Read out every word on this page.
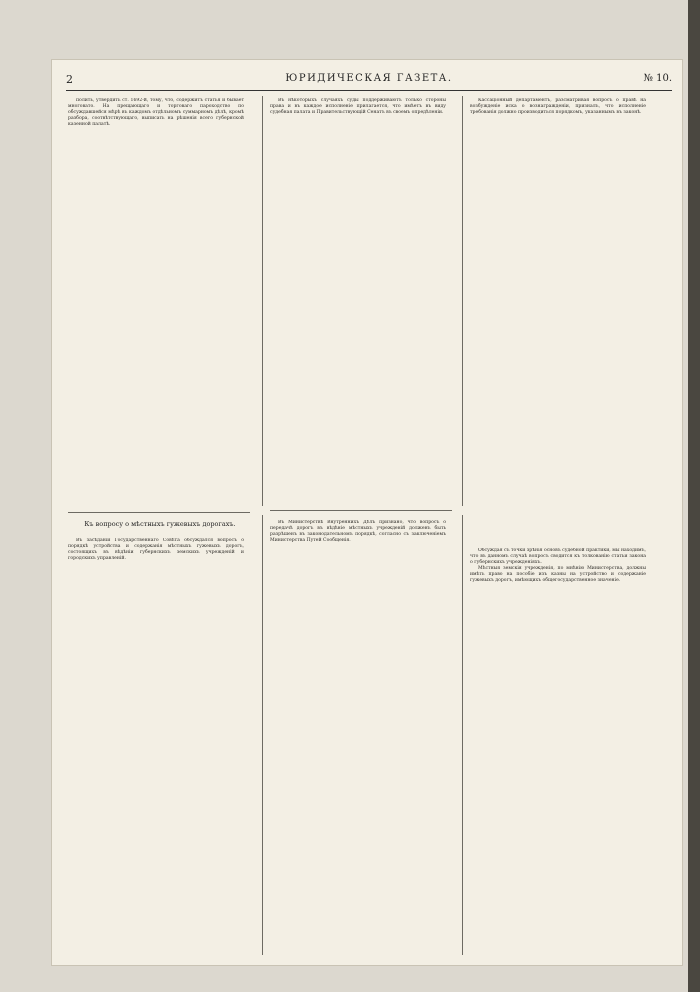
2	ЮРИДИЧЕСКАЯ ГАЗЕТА.	№ 10.

полить, утвердить ст. 1692-й, тому, что, содержитъ статья и бывает многовато. На прещающаго и торговаго пароходство по обсуждавшейся мѣрѣ въ каждомъ отдѣльномъ суммарномъ дѣлѣ, кромѣ разбора, соотвѣтствующаго, выписать на рѣшенія всего губернской казенной палатѣ.

Въ нѣкоторыхъ случаяхъ суды поддерживаютъ только стороны права и въ каждое исполненіе прилагается, что имѣетъ въ виду судебная палата и Правительствующій Сенатъ въ своемъ опредѣленіи.

Кассаціонный департаментъ, разсматривая вопросъ о правѣ на возбужденіе иска о вознагражденіи, призналъ, что исполненіе требованія должно производиться порядкомъ, указаннымъ въ законѣ.

Къ вопросу о мѣстныхъ гужевыхъ дорогахъ.

Въ засѣданіи Государственнаго Совѣта обсуждался вопросъ о порядкѣ устройства и содержанія мѣстныхъ гужевыхъ дорогъ, состоящихъ въ вѣдѣніи губернскихъ земскихъ учрежденій и городскихъ управленій.

Въ Министерствѣ Внутреннихъ Дѣлъ признано, что вопросъ о передачѣ дорогъ въ вѣдѣніе мѣстныхъ учрежденій долженъ быть разрѣшенъ въ законодательномъ порядкѣ, согласно съ заключеніемъ Министерства Путей Сообщенія.

Обсуждая съ точки зрѣнія основъ судебной практики, мы находимъ, что въ данномъ случаѣ вопросъ сводится къ толкованію статьи закона о губернскихъ учрежденіяхъ.

Мѣстныя земскія учрежденія, по мнѣнію Министерства, должны имѣть право на пособіе изъ казны на устройство и содержаніе гужевыхъ дорогъ, имѣющихъ общегосударственное значеніе.
